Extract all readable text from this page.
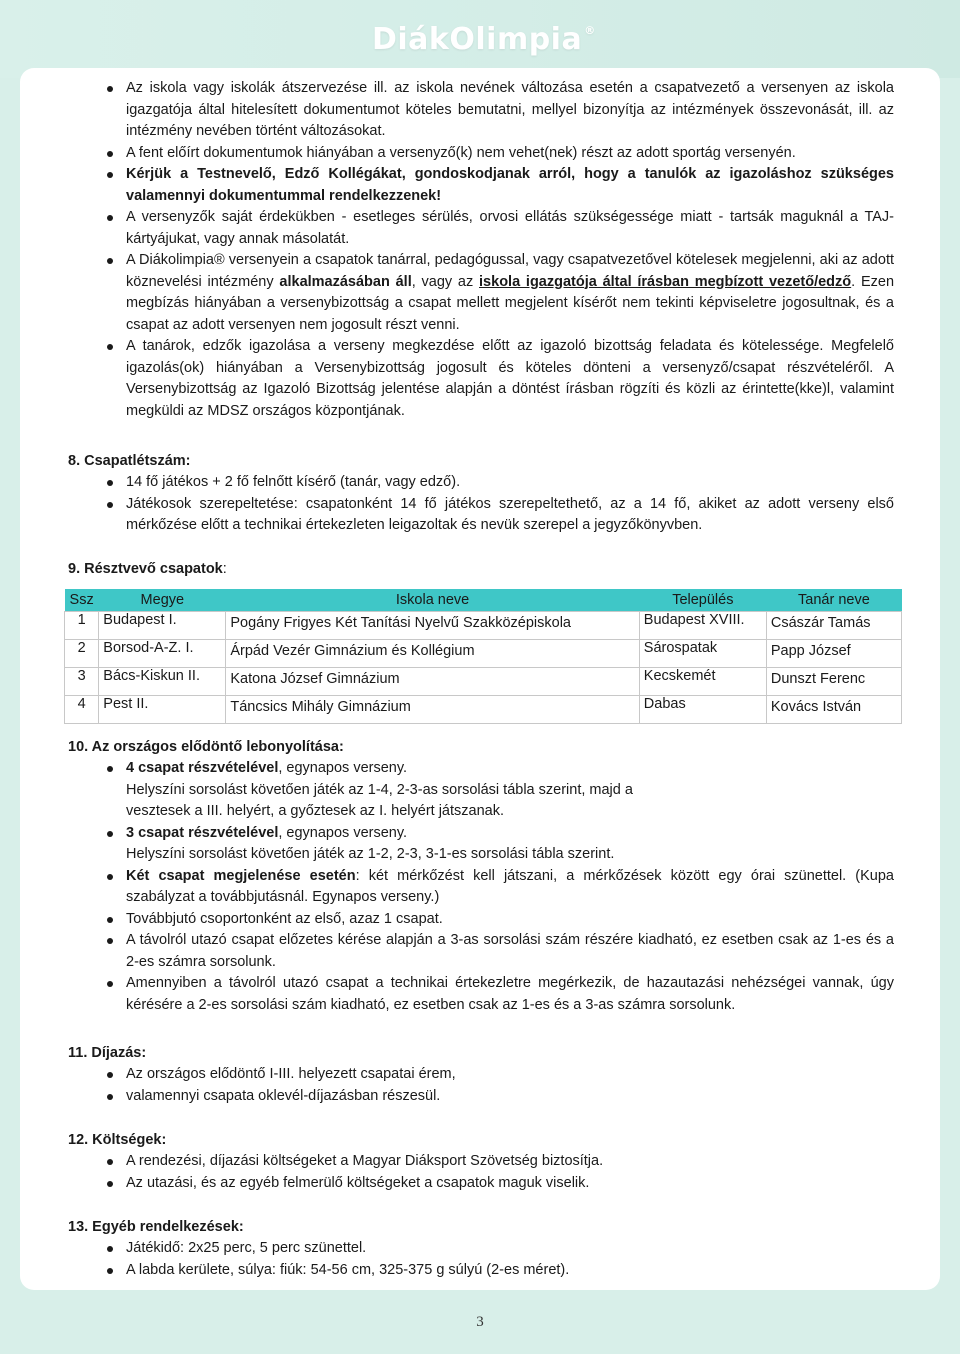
DiákOlimpia ®
Az iskola vagy iskolák átszervezése ill. az iskola nevének változása esetén a csapatvezető a versenyen az iskola igazgatója által hitelesített dokumentumot köteles bemutatni, mellyel bizonyítja az intézmények összevonását, ill. az intézmény nevében történt változásokat.
A fent előírt dokumentumok hiányában a versenyző(k) nem vehet(nek) részt az adott sportág versenyén.
Kérjük a Testnevelő, Edző Kollégákat, gondoskodjanak arról, hogy a tanulók az igazoláshoz szükséges valamennyi dokumentummal rendelkezzenek!
A versenyzők saját érdekükben - esetleges sérülés, orvosi ellátás szükségessége miatt - tartsák maguknál a TAJ-kártyájukat, vagy annak másolatát.
A Diákolimpia® versenyein a csapatok tanárral, pedagógussal, vagy csapatvezetővel kötelesek megjelenni, aki az adott köznevelési intézmény alkalmazásában áll, vagy az iskola igazgatója által írásban megbízott vezető/edző. Ezen megbízás hiányában a versenybizottság a csapat mellett megjelent kísérőt nem tekinti képviseletre jogosultnak, és a csapat az adott versenyen nem jogosult részt venni.
A tanárok, edzők igazolása a verseny megkezdése előtt az igazoló bizottság feladata és kötelessége. Megfelelő igazolás(ok) hiányában a Versenybizottság jogosult és köteles dönteni a versenyző/csapat részvételéről. A Versenybizottság az Igazoló Bizottság jelentése alapján a döntést írásban rögzíti és közli az érintette(kke)l, valamint megküldi az MDSZ országos központjának.
8. Csapatlétszám:
14 fő játékos + 2 fő felnőtt kísérő (tanár, vagy edző).
Játékosok szerepeltetése: csapatonként 14 fő játékos szerepeltethető, az a 14 fő, akiket az adott verseny első mérkőzése előtt a technikai értekezleten leigazoltak és nevük szerepel a jegyzőkönyvben.
9. Résztvevő csapatok:
Ssz	Megye	Iskola neve	Település	Tanár neve
1	Budapest I.	Pogány Frigyes Két Tanítási Nyelvű Szakközépiskola	Budapest XVIII.	Császár Tamás
2	Borsod-A-Z. I.	Árpád Vezér Gimnázium és Kollégium	Sárospatak	Papp József
3	Bács-Kiskun II.	Katona József Gimnázium	Kecskemét	Dunszt Ferenc
4	Pest II.	Táncsics Mihály Gimnázium	Dabas	Kovács István
10. Az országos elődöntő lebonyolítása:
4 csapat részvételével, egynapos verseny.
Helyszíni sorsolást követően játék az 1-4, 2-3-as sorsolási tábla szerint, majd a
vesztesek a III. helyért, a győztesek az I. helyért játszanak.
3 csapat részvételével, egynapos verseny.
Helyszíni sorsolást követően játék az 1-2, 2-3, 3-1-es sorsolási tábla szerint.
Két csapat megjelenése esetén: két mérkőzést kell játszani, a mérkőzések között egy órai szünettel. (Kupa szabályzat a továbbjutásnál. Egynapos verseny.)
Továbbjutó csoportonként az első, azaz 1 csapat.
A távolról utazó csapat előzetes kérése alapján a 3-as sorsolási szám részére kiadható, ez esetben csak az 1-es és a 2-es számra sorsolunk.
Amennyiben a távolról utazó csapat a technikai értekezletre megérkezik, de hazautazási nehézségei vannak, úgy kérésére a 2-es sorsolási szám kiadható, ez esetben csak az 1-es és a 3-as számra sorsolunk.
11. Díjazás:
Az országos elődöntő I-III. helyezett csapatai érem,
valamennyi csapata oklevél-díjazásban részesül.
12. Költségek:
A rendezési, díjazási költségeket a Magyar Diáksport Szövetség biztosítja.
Az utazási, és az egyéb felmerülő költségeket a csapatok maguk viselik.
13. Egyéb rendelkezések:
Játékidő: 2x25 perc, 5 perc szünettel.
A labda kerülete, súlya: fiúk: 54-56 cm, 325-375 g súlyú (2-es méret).
3
